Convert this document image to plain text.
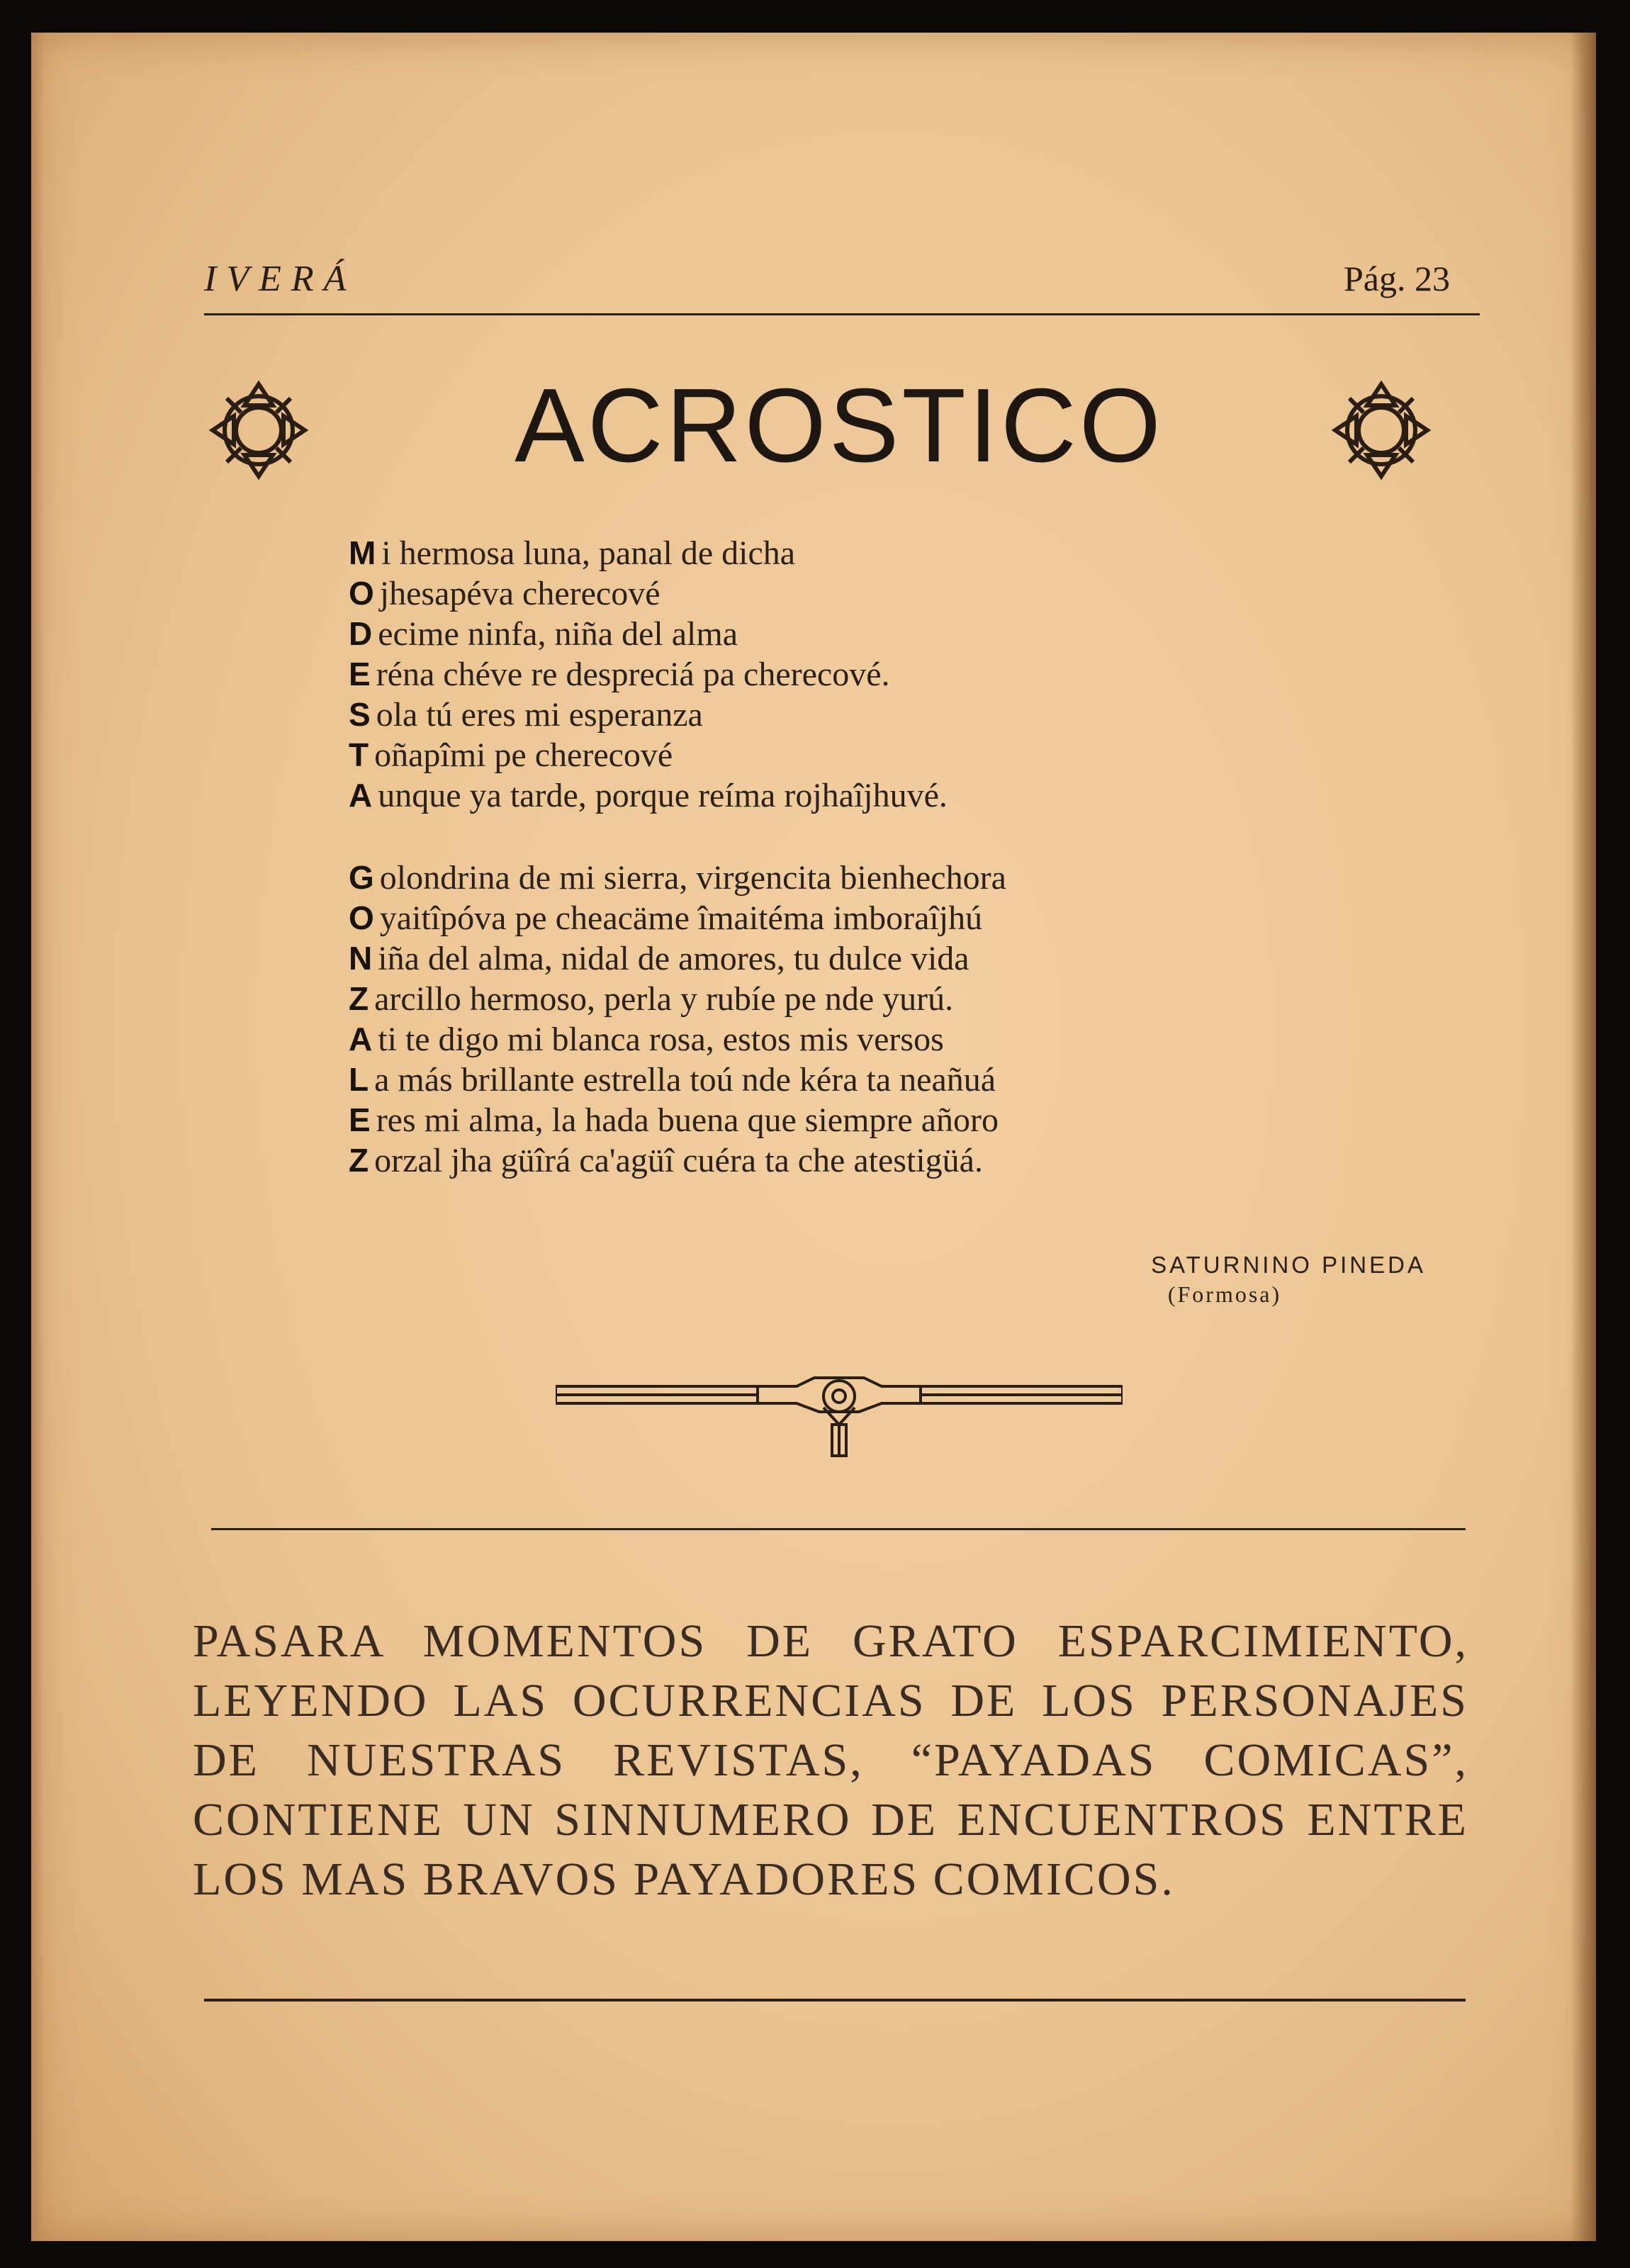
IVERÁ	Pág. 23
ACROSTICO
M i hermosa luna, panal de dicha
O jhesapéva cherecové
D ecime ninfa, niña del alma
E réna chéve re despreciá pa cherecové.
S ola tú eres mi esperanza
T oñapîmi pe cherecové
A unque ya tarde, porque reíma rojhaîjhuvé.
G olondrina de mi sierra, virgencita bienhechora
O yaitîpóva pe cheacäme îmaitéma imboraîjhú
N iña del alma, nidal de amores, tu dulce vida
Z arcillo hermoso, perla y rubíe pe nde yurú.
A ti te digo mi blanca rosa, estos mis versos
L a más brillante estrella toú nde kéra ta neañuá
E res mi alma, la hada buena que siempre añoro
Z orzal jha güîrá ca'agüî cuéra ta che atestigüá.
SATURNINO PINEDA
(Formosa)
PASARA MOMENTOS DE GRATO ESPARCIMIENTO, LEYENDO LAS OCURRENCIAS DE LOS PERSONAJES DE NUESTRAS REVISTAS, “PAYADAS COMICAS”, CONTIENE UN SINNUMERO DE ENCUENTROS ENTRE LOS MAS BRAVOS PAYADORES COMICOS.
